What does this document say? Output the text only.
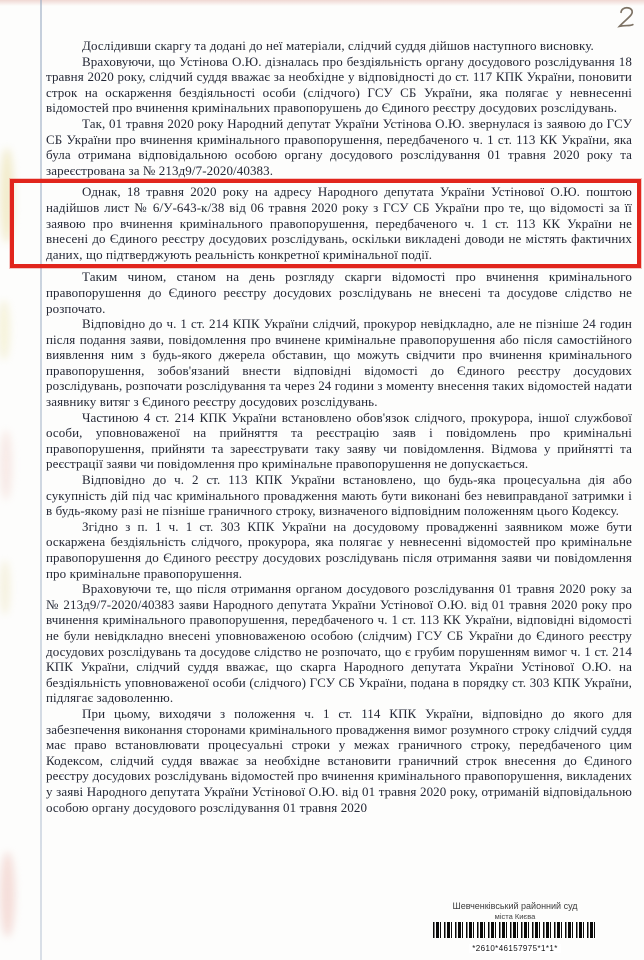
Дослідивши скаргу та додані до неї матеріали, слідчий суддя дійшов наступного висновку.

Враховуючи, що Устінова О.Ю. дізналась про бездіяльність органу досудового розслідування 18 травня 2020 року, слідчий суддя вважає за необхідне у відповідності до ст. 117 КПК України, поновити строк на оскарження бездіяльності особи (слідчого) ГСУ СБ України, яка полягає у невнесенні відомостей про вчинення кримінальних правопорушень до Єдиного реєстру досудових розслідувань.

Так, 01 травня 2020 року Народний депутат України Устінова О.Ю. звернулася із заявою до ГСУ СБ України про вчинення кримінального правопорушення, передбаченого ч. 1 ст. 113 КК України, яка була отримана відповідальною особою органу досудового розслідування 01 травня 2020 року та зареєстрована за № 213д9/7-2020/40383.

Однак, 18 травня 2020 року на адресу Народного депутата України Устінової О.Ю. поштою надійшов лист № 6/У-643-к/38 від 06 травня 2020 року з ГСУ СБ України про те, що відомості за її заявою про вчинення кримінального правопорушення, передбаченого ч. 1 ст. 113 КК України не внесені до Єдиного реєстру досудових розслідувань, оскільки викладені доводи не містять фактичних даних, що підтверджують реальність конкретної кримінальної події.

Таким чином, станом на день розгляду скарги відомості про вчинення кримінального правопорушення до Єдиного реєстру досудових розслідувань не внесені та досудове слідство не розпочато.

Відповідно до ч. 1 ст. 214 КПК України слідчий, прокурор невідкладно, але не пізніше 24 годин після подання заяви, повідомлення про вчинене кримінальне правопорушення або після самостійного виявлення ним з будь-якого джерела обставин, що можуть свідчити про вчинення кримінального правопорушення, зобов'язаний внести відповідні відомості до Єдиного реєстру досудових розслідувань, розпочати розслідування та через 24 години з моменту внесення таких відомостей надати заявнику витяг з Єдиного реєстру досудових розслідувань.

Частиною 4 ст. 214 КПК України встановлено обов'язок слідчого, прокурора, іншої службової особи, уповноваженої на прийняття та реєстрацію заяв і повідомлень про кримінальні правопорушення, прийняти та зареєструвати таку заяву чи повідомлення. Відмова у прийнятті та реєстрації заяви чи повідомлення про кримінальне правопорушення не допускається.

Відповідно до ч. 2 ст. 113 КПК України встановлено, що будь-яка процесуальна дія або сукупність дій під час кримінального провадження мають бути виконані без невиправданої затримки і в будь-якому разі не пізніше граничного строку, визначеного відповідним положенням цього Кодексу.

Згідно з п. 1 ч. 1 ст. 303 КПК України на досудовому провадженні заявником може бути оскаржена бездіяльність слідчого, прокурора, яка полягає у невнесенні відомостей про кримінальне правопорушення до Єдиного реєстру досудових розслідувань після отримання заяви чи повідомлення про кримінальне правопорушення.

Враховуючи те, що після отримання органом досудового розслідування 01 травня 2020 року за № 213д9/7-2020/40383 заяви Народного депутата України Устінової О.Ю. від 01 травня 2020 року про вчинення кримінального правопорушення, передбаченого ч. 1 ст. 113 КК України, відповідні відомості не були невідкладно внесені уповноваженою особою (слідчим) ГСУ СБ України до Єдиного реєстру досудових розслідувань та досудове слідство не розпочато, що є грубим порушенням вимог ч. 1 ст. 214 КПК України, слідчий суддя вважає, що скарга Народного депутата України Устінової О.Ю. на бездіяльність уповноваженої особи (слідчого) ГСУ СБ України, подана в порядку ст. 303 КПК України, підлягає задоволенню.

При цьому, виходячи з положення ч. 1 ст. 114 КПК України, відповідно до якого для забезпечення виконання сторонами кримінального провадження вимог розумного строку слідчий суддя має право встановлювати процесуальні строки у межах граничного строку, передбаченого цим Кодексом, слідчий суддя вважає за необхідне встановити граничний строк внесення до Єдиного реєстру досудових розслідувань відомостей про вчинення кримінального правопорушення, викладених у заяві Народного депутата України Устінової О.Ю. від 01 травня 2020 року, отриманій відповідальною особою органу досудового розслідування 01 травня 2020

Шевченківський районний суд
міста Києва
*2610*46157975*1*1*
